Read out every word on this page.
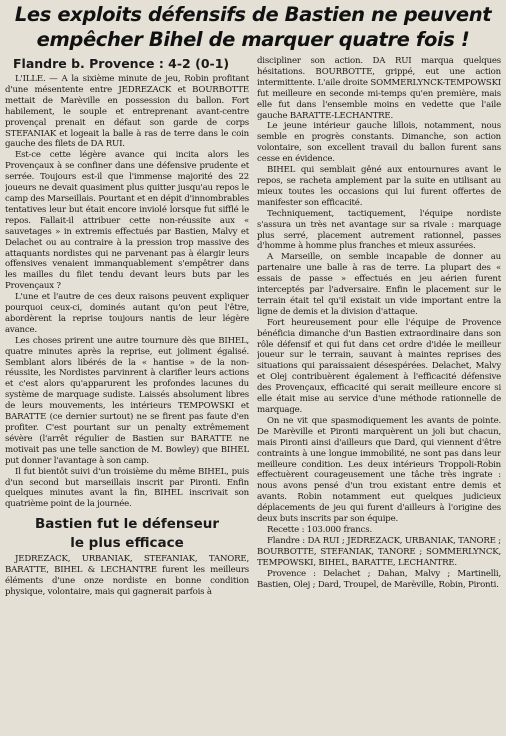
Les exploits défensifs de Bastien ne peuvent
empêcher Bihel de marquer quatre fois !
Flandre b. Provence : 4-2 (0-1)

L'ILLE. — A la sixième minute de jeu, Robin profitant d'une mésentente entre JEDREZACK et BOURBOTTE mettait de Marèville en possession du ballon. Fort habilement, le souple et entreprenant avant-centre provençal prenait en défaut son garde de corps STEFANIAK et logeait la balle à ras de terre dans le coin gauche des filets de DA RUI.

Est-ce cette légère avance qui incita alors les Provençaux à se confiner dans une défensive prudente et serrée. Toujours est-il que l'immense majorité des 22 joueurs ne devait quasiment plus quitter jusqu'au repos le camp des Marseillais. Pourtant et en dépit d'innombrables tentatives leur but était encore inviolé lorsque fut sifflé le repos. Fallait-il attribuer cette non-réussite aux « sauvetages » in extremis effectués par Bastien, Malvy et Delachet ou au contraire à la pression trop massive des attaquants nordistes qui ne parvenant pas à élargir leurs offensives venaient immanquablement s'empêtrer dans les mailles du filet tendu devant leurs buts par les Provençaux ?

L'une et l'autre de ces deux raisons peuvent expliquer pourquoi ceux-ci, dominés autant qu'on peut l'être, abordèrent la reprise toujours nantis de leur légère avance.

Les choses prirent une autre tournure dès que BIHEL, quatre minutes après la reprise, eut joliment égalisé. Semblant alors libérés de la « hantise » de la non-réussite, les Nordistes parvinrent à clarifier leurs actions et c'est alors qu'apparurent les profondes lacunes du système de marquage sudiste. Laissés absolument libres de leurs mouvements, les intérieurs TEMPOWSKI et BARATTE (ce dernier surtout) ne se firent pas faute d'en profiter. C'est pourtant sur un penalty extrêmement sévère (l'arrêt régulier de Bastien sur BARATTE ne motivait pas une telle sanction de M. Bowley) que BIHEL put donner l'avantage à son camp.

Il fut bientôt suivi d'un troisième du même BIHEL, puis d'un second but marseillais inscrit par Pironti. Enfin quelques minutes avant la fin, BIHEL inscrivait son quatrième point de la journée.

Bastien fut le défenseur
le plus efficace

JEDREZACK, URBANIAK, STEFANIAK, TANORE, BARATTE, BIHEL & LECHANTRE furent les meilleurs éléments d'une onze nordiste en bonne condition physique, volontaire, mais qui gagnerait parfois à

discipliner son action. DA RUI marqua quelques hésitations. BOURBOTTE, grippé, eut une action intermittente. L'aile droite SOMMERLYNCK-TEMPOWSKI fut meilleure en seconde mi-temps qu'en première, mais elle fut dans l'ensemble moins en vedette que l'aile gauche BARATTE-LECHANTRE.

Le jeune intérieur gauche lillois, notamment, nous semble en progrès constants. Dimanche, son action volontaire, son excellent travail du ballon furent sans cesse en évidence.

BIHEL qui semblait gêné aux entournures avant le repos, se racheta amplement par la suite en utilisant au mieux toutes les occasions qui lui furent offertes de manifester son efficacité.

Techniquement, tactiquement, l'équipe nordiste s'assura un très net avantage sur sa rivale : marquage plus serré, placement autrement rationnel, passes d'homme à homme plus franches et mieux assurées.

A Marseille, on semble incapable de donner au partenaire une balle à ras de terre. La plupart des « essais de passe » effectués en jeu aérien furent interceptés par l'adversaire. Enfin le placement sur le terrain était tel qu'il existait un vide important entre la ligne de demis et la division d'attaque.

Fort heureusement pour elle l'équipe de Provence bénéficia dimanche d'un Bastien extraordinaire dans son rôle défensif et qui fut dans cet ordre d'idée le meilleur joueur sur le terrain, sauvant à maintes reprises des situations qui paraissaient désespérées. Delachet, Malvy et Olej contribuèrent également à l'efficacité défensive des Provençaux, efficacité qui serait meilleure encore si elle était mise au service d'une méthode rationnelle de marquage.

On ne vit que spasmodiquement les avants de pointe. De Marèville et Pironti marquèrent un joli but chacun, mais Pironti ainsi d'ailleurs que Dard, qui viennent d'être contraints à une longue immobilité, ne sont pas dans leur meilleure condition. Les deux intérieurs Troppoli-Robin effectuèrent courageusement une tâche très ingrate : nous avons pensé d'un trou existant entre demis et avants. Robin notamment eut quelques judicieux déplacements de jeu qui furent d'ailleurs à l'origine des deux buts inscrits par son équipe.

Recette : 103.000 francs.

Flandre : DA RUI ; JEDREZACK, URBANIAK, TANORE ; BOURBOTTE, STEFANIAK, TANORE ; SOMMERLYNCK, TEMPOWSKI, BIHEL, BARATTE, LECHANTRE.

Provence : Delachet ; Dahan, Malvy ; Martinelli, Bastien, Olej ; Dard, Troupel, de Marèville, Robin, Pironti.
